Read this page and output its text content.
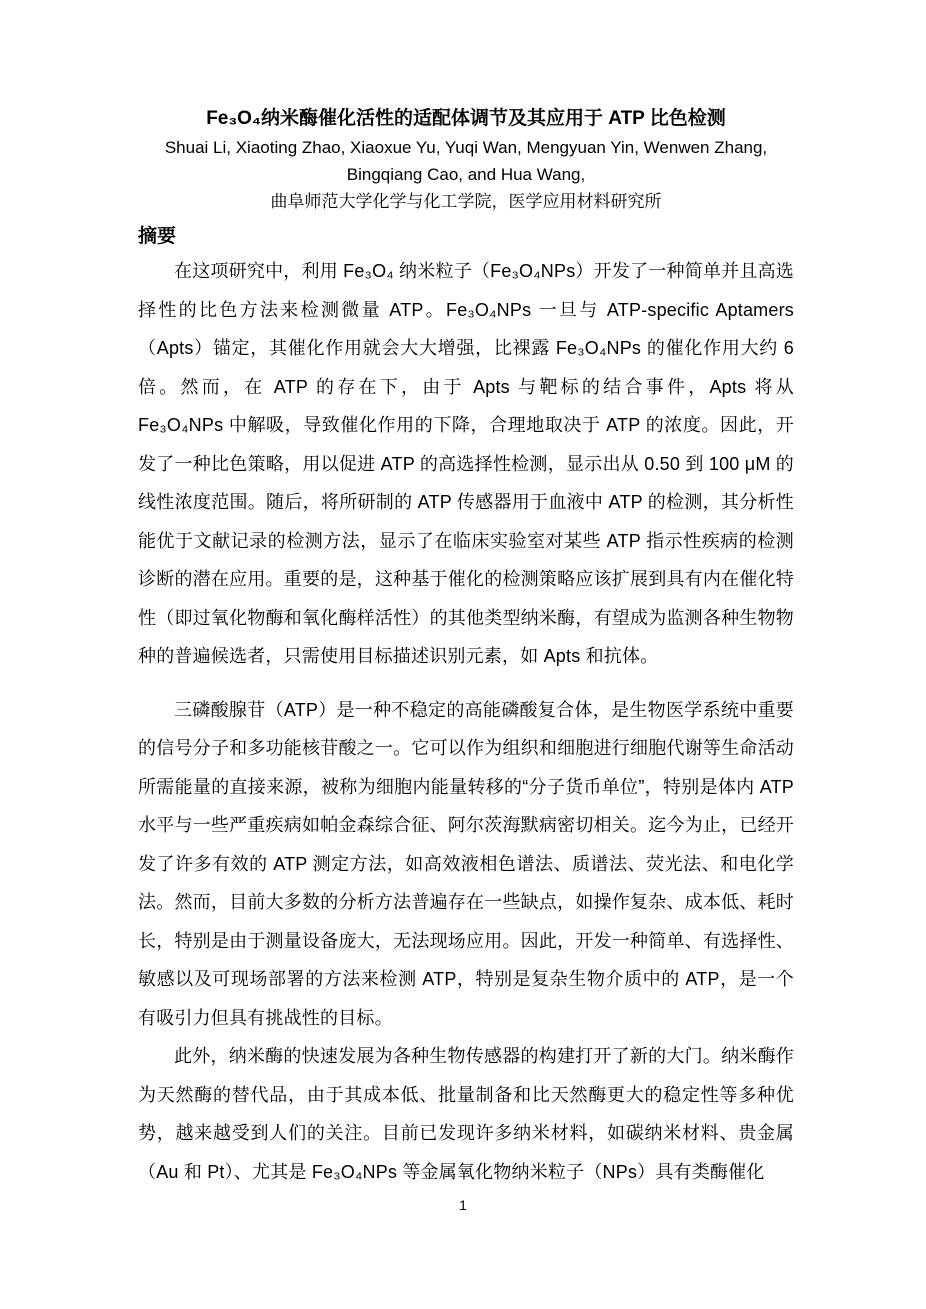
Fe₃O₄纳米酶催化活性的适配体调节及其应用于 ATP 比色检测
Shuai Li, Xiaoting Zhao, Xiaoxue Yu, Yuqi Wan, Mengyuan Yin, Wenwen Zhang,
Bingqiang Cao, and Hua Wang,
曲阜师范大学化学与化工学院，医学应用材料研究所
摘要

在这项研究中，利用 Fe₃O₄ 纳米粒子（Fe₃O₄NPs）开发了一种简单并且高选择性的比色方法来检测微量 ATP。Fe₃O₄NPs 一旦与 ATP-specific Aptamers（Apts）锚定，其催化作用就会大大增强，比裸露 Fe₃O₄NPs 的催化作用大约 6 倍。然而，在 ATP 的存在下，由于 Apts 与靶标的结合事件，Apts 将从 Fe₃O₄NPs 中解吸，导致催化作用的下降，合理地取决于 ATP 的浓度。因此，开发了一种比色策略，用以促进 ATP 的高选择性检测，显示出从 0.50 到 100 μM 的线性浓度范围。随后，将所研制的 ATP 传感器用于血液中 ATP 的检测，其分析性能优于文献记录的检测方法，显示了在临床实验室对某些 ATP 指示性疾病的检测诊断的潜在应用。重要的是，这种基于催化的检测策略应该扩展到具有内在催化特性（即过氧化物酶和氧化酶样活性）的其他类型纳米酶，有望成为监测各种生物物种的普遍候选者，只需使用目标描述识别元素，如 Apts 和抗体。

三磷酸腺苷（ATP）是一种不稳定的高能磷酸复合体，是生物医学系统中重要的信号分子和多功能核苷酸之一。它可以作为组织和细胞进行细胞代谢等生命活动所需能量的直接来源，被称为细胞内能量转移的“分子货币单位”，特别是体内 ATP 水平与一些严重疾病如帕金森综合征、阿尔茨海默病密切相关。迄今为止，已经开发了许多有效的 ATP 测定方法，如高效液相色谱法、质谱法、荧光法、和电化学法。然而，目前大多数的分析方法普遍存在一些缺点，如操作复杂、成本低、耗时长，特别是由于测量设备庞大，无法现场应用。因此，开发一种简单、有选择性、敏感以及可现场部署的方法来检测 ATP，特别是复杂生物介质中的 ATP，是一个有吸引力但具有挑战性的目标。

此外，纳米酶的快速发展为各种生物传感器的构建打开了新的大门。纳米酶作为天然酶的替代品，由于其成本低、批量制备和比天然酶更大的稳定性等多种优势，越来越受到人们的关注。目前已发现许多纳米材料，如碳纳米材料、贵金属（Au 和 Pt）、尤其是 Fe₃O₄NPs 等金属氧化物纳米粒子（NPs）具有类酶催化

1
